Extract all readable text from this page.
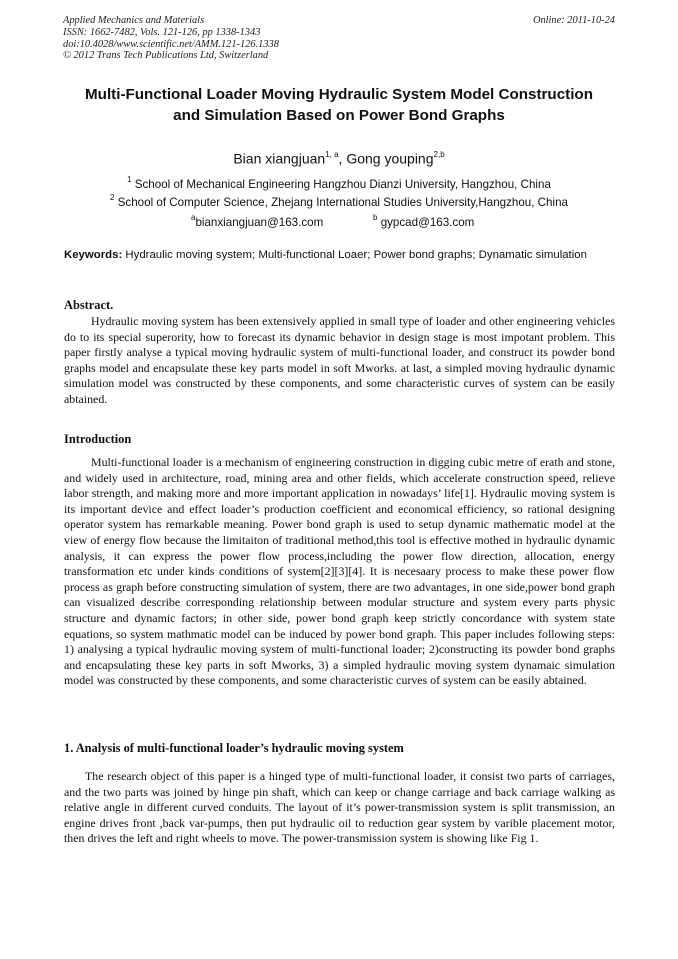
Applied Mechanics and Materials
ISSN: 1662-7482, Vols. 121-126, pp 1338-1343
doi:10.4028/www.scientific.net/AMM.121-126.1338
© 2012 Trans Tech Publications Ltd, Switzerland
Online: 2011-10-24
Multi-Functional Loader Moving Hydraulic System Model Construction
and Simulation Based on Power Bond Graphs
Bian xiangjuan$^{1, a}$, Gong youping$^{2,b}$
$^1$ School of Mechanical Engineering Hangzhou Dianzi University, Hangzhou, China
$^2$ School of Computer Science, Zhejang International Studies University,Hangzhou, China
$^a$bianxiangjuan@163.com	$^b$ gypcad@163.com
Keywords: Hydraulic moving system; Multi-functional Loaer; Power bond graphs; Dynamatic simulation
Abstract.
Hydraulic moving system has been extensively applied in small type of loader and other engineering vehicles do to its special superority, how to forecast its dynamic behavior in design stage is most impotant problem. This paper firstly analyse a typical moving hydraulic system of multi-functional loader, and construct its powder bond graphs model and encapsulate these key parts model in soft Mworks. at last, a simpled moving hydraulic dynamic simulation model was constructed by these components, and some characteristic curves of system can be easily abtained.
Introduction
Multi-functional loader is a mechanism of engineering construction in digging cubic metre of erath and stone, and widely used in architecture, road, mining area and other fields, which accelerate construction speed, relieve labor strength, and making more and more important application in nowadays’ life[1]. Hydraulic moving system is its important device and effect loader’s production coefficient and economical efficiency, so rational designing operator system has remarkable meaning. Power bond graph is used to setup dynamic mathematic model at the view of energy flow because the limitaiton of traditional method,this tool is effective mothed in hydraulic dynamic analysis, it can express the power flow process,including the power flow direction, allocation, energy transformation etc under kinds conditions of system[2][3][4]. It is necesaary process to make these power flow process as graph before constructing simulation of system, there are two advantages, in one side,power bond graph can visualized describe corresponding relationship between modular structure and system every parts physic structure and dynamic factors; in other side, power bond graph keep strictly concordance with system state equations, so system mathmatic model can be induced by power bond graph. This paper includes following steps: 1) analysing a typical hydraulic moving system of multi-functional loader; 2)constructing its powder bond graphs and encapsulating these key parts in soft Mworks, 3) a simpled hydraulic moving system dynamaic simulation model was constructed by these components, and some characteristic curves of system can be easily abtained.
1. Analysis of multi-functional loader’s hydraulic moving system
The research object of this paper is a hinged type of multi-functional loader, it consist two parts of carriages, and the two parts was joined by hinge pin shaft, which can keep or change carriage and back carriage walking as relative angle in different curved conduits. The layout of it’s power-transmission system is split transmission, an engine drives front ,back var-pumps, then put hydraulic oil to reduction gear system by varible placement motor, then drives the left and right wheels to move. The power-transmission system is showing like Fig 1.
